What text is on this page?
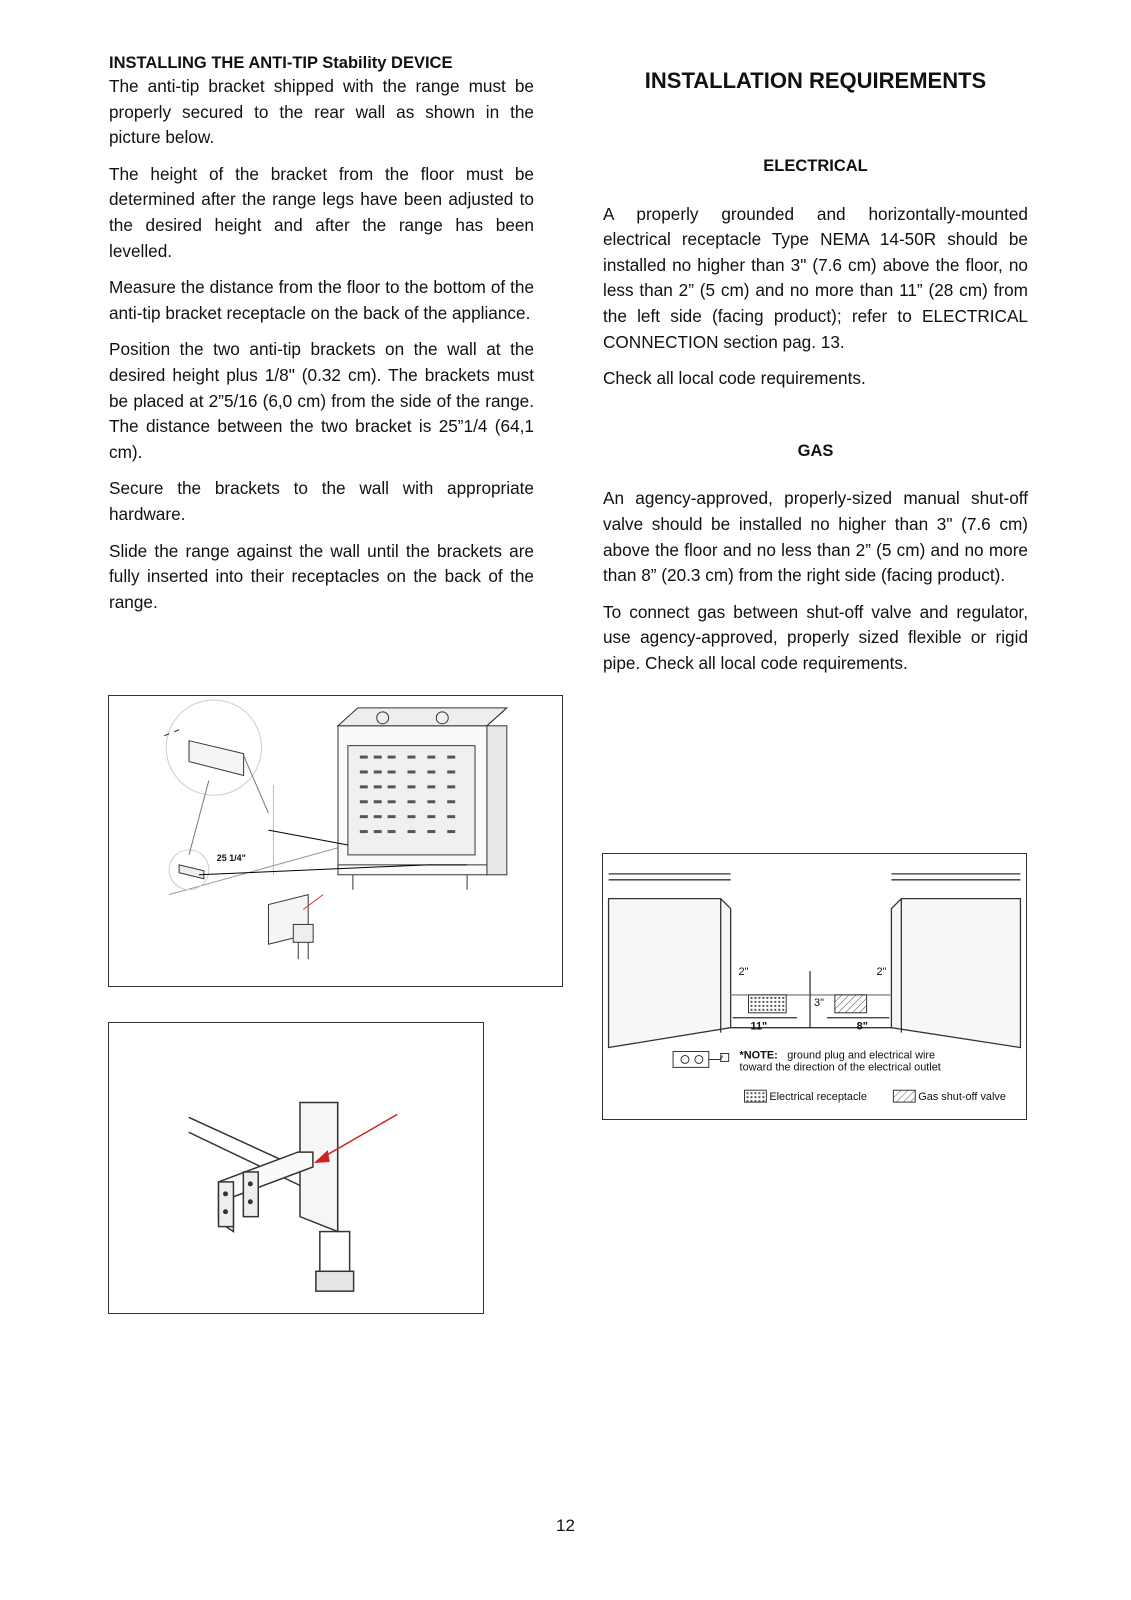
INSTALLING THE ANTI-TIP Stability DEVICE

The anti-tip bracket shipped with the range must be properly secured to the rear wall as shown in the picture below.

The height of the bracket from the floor must be determined after the range legs have been adjusted to the desired height and after the range has been levelled.

Measure the distance from the floor to the bottom of the anti-tip bracket receptacle on the back of the appliance.

Position the two anti-tip brackets on the wall at the desired height plus 1/8" (0.32 cm). The brackets must be placed at 2”5/16 (6,0 cm) from the side of the range. The distance between the two bracket is 25”1/4 (64,1 cm).

Secure the brackets to the wall with appropriate hardware.

Slide the range against the wall until the brackets are fully inserted into their receptacles on the back of the range.

INSTALLATION REQUIREMENTS
ELECTRICAL

A properly grounded and horizontally-mounted electrical receptacle Type NEMA 14-50R should be installed no higher than 3" (7.6 cm) above the floor, no less than 2” (5 cm) and no more than 11” (28 cm) from the left side (facing product); refer to ELECTRICAL CONNECTION section pag. 13.

Check all local code requirements.

GAS

An agency-approved, properly-sized manual shut-off valve should be installed no higher than 3" (7.6 cm) above the floor and no less than 2” (5 cm) and no more than 8” (20.3 cm) from the right side (facing product).

To connect gas between shut-off valve and regulator, use agency-approved, properly sized flexible or rigid pipe. Check all local code requirements.

25 1/4"
2"	2"
3"
11"	8"
*NOTE: ground plug and electrical wire
toward the direction of the electrical outlet
Electrical receptacle	Gas shut-off valve
12
